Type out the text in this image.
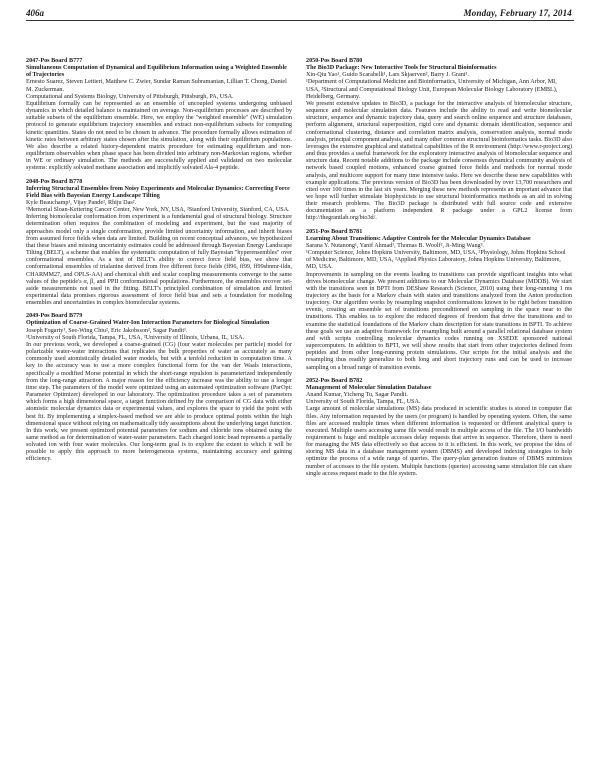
406a	Monday, February 17, 2014
2047-Pos Board B777
Simultaneous Computation of Dynamical and Equilibrium Information using a Weighted Ensemble of Trajectories
Ernesto Suarez, Steven Lettieri, Matthew C. Zwier, Sundar Raman Subramanian, Lillian T. Chong, Daniel M. Zuckerman.
Computational and Systems Biology, University of Pittsburgh, Pittsburgh, PA, USA.
Equilibrium formally can be represented as an ensemble of uncoupled systems undergoing unbiased dynamics in which detailed balance is maintained on average. Non-equilibrium processes are described by suitable subsets of the equilibrium ensemble. Here, we employ the "weighted ensemble" (WE) simulation protocol to generate equilibrium trajectory ensembles and extract non-equilibrium subsets for computing kinetic quantities. States do not need to be chosen in advance. The procedure formally allows estimation of kinetic rates between arbitrary states chosen after the simulation, along with their equilibrium populations. We also describe a related history-dependent matrix procedure for estimating equilibrium and non-equilibrium observables when phase space has been divided into arbitrary non-Markovian regions, whether in WE or ordinary simulation. The methods are successfully applied and validated on two molecular systems: explicitly solvated methane association and implicitly solvated Ala-4 peptide.
2048-Pos Board B778
Inferring Structural Ensembles from Noisy Experiments and Molecular Dynamics: Correcting Force Field Bias with Bayesian Energy Landscape Tilting
Kyle Beauchamp¹, Vijay Pande², Rhiju Das².
¹Memorial Sloan-Kettering Cancer Center, New York, NY, USA, ²Stanford University, Stanford, CA, USA.
Inferring biomolecular conformation from experiment is a fundamental goal of structural biology. Structure determination often requires the combination of modeling and experiment, but the vast majority of approaches model only a single conformation, provide limited uncertainty information, and inherit biases from assumed force fields when data are limited. Building on recent conceptual advances, we hypothesized that these biases and missing uncertainty estimates could be addressed through Bayesian Energy Landscape Tilting (BELT), a scheme that enables the systematic computation of fully Bayesian "hyperensembles" over conformational ensembles. As a test of BELT's ability to correct force field bias, we show that conformational ensembles of trialanine derived from five different force fields (ff96, ff99, ff99sbnmr-ildn, CHARMM27, and OPLS-AA) and chemical shift and scalar coupling measurements converge to the same values of the peptide's α, β, and PPII conformational populations. Furthermore, the ensembles recover set-aside measurements not used in the fitting. BELT's principled combination of simulation and limited experimental data promises rigorous assessment of force field bias and sets a foundation for modeling ensembles and uncertainties in complex biomolecular systems.
2049-Pos Board B779
Optimization of Coarse-Grained Water-Ion Interaction Parameters for Biological Simulation
Joseph Fogarty¹, See-Wing Chiu², Eric Jakobsson², Sagar Pandit¹.
¹University of South Florida, Tampa, FL, USA, ²University of Illinois, Urbana, IL, USA.
In our previous work, we developed a coarse-grained (CG) (four water molecules per particle) model for polarizable water-water interactions that replicates the bulk properties of water as accurately as many commonly used atomistically detailed water models, but with a tenfold reduction in computation time. A key to the accuracy was to use a more complex functional form for the van der Waals interactions, specifically a modified Morse potential in which the short-range repulsion is parameterized independently from the long-range attraction. A major reason for the efficiency increase was the ability to use a longer time step. The parameters of the model were optimized using an automated optimization software (ParOpt: Parameter Optimizer) developed in our laboratory. The optimization procedure takes a set of parameters which forms a high dimensional space, a target function defined by the comparison of CG data with either atomistic molecular dynamics data or experimental values, and explores the space to yield the point with best fit. By implementing a simplex-based method we are able to produce optimal points within the high dimensional space without relying on mathematically tidy assumptions about the underlying target function. In this work, we present optimized potential parameters for sodium and chloride ions obtained using the same method as for determination of water-water parameters. Each charged ionic bead represents a partially solvated ion with four water molecules. Our long-term goal is to explore the extent to which it will be possible to apply this approach to more heterogeneous systems, maintaining accuracy and gaining efficiency.
2050-Pos Board B780
The Bio3D Package: New Interactive Tools for Structural Bioinformatics
Xin-Qiu Yao¹, Guido Scarabelli¹, Lars Skjaerven², Barry J. Grant¹.
¹Department of Computational Medicine and Bioinformatics, University of Michigan, Ann Arbor, MI, USA, ²Structural and Computational Biology Unit, European Molecular Biology Laboratory (EMBL), Heidelberg, Germany.
We present extensive updates to Bio3D, a package for the interactive analysis of biomolecular structure, sequence and molecular simulation data. Features include the ability to read and write biomolecular structure, sequence and dynamic trajectory data, query and search online sequence and structure databases, perform alignment, structural superposition, rigid core and dynamic domain identification, sequence and conformational clustering, distance and correlation matrix analysis, conservation analysis, normal mode analysis, principal component analysis, and many other common structural bioinformatics tasks. Bio3D also leverages the extensive graphical and statistical capabilities of the R environment (http://www.r-project.org) and thus provides a useful framework for the exploratory interactive analysis of biomolecular sequence and structure data. Recent notable additions to the package include consensus dynamical community analysis of network based coupled motions, enhanced coarse grained force fields and methods for normal mode analysis, and multicore support for many time intensive tasks. Here we describe these new capabilities with example applications. The previous version of Bio3D has been downloaded by over 13,700 researchers and cited over 100 times in the last six years. Merging these new methods represents an important advance that we hope will further stimulate biophysicists to use structural bioinformatics methods as an aid in solving their research problems. The Bio3D package is distributed with full source code and extensive documentation as a platform independent R package under a GPL2 license from http://thegrantlab.org/bio3d/.
2051-Pos Board B781
Learning About Transitions: Adaptive Controls for the Molecular Dynamics Database
Sarana Y. Nutanong¹, Yanif Ahmad¹, Thomas B. Woolf², Ji-Ming Wang³.
¹Computer Science, Johns Hopkins University, Baltimore, MD, USA, ²Physiology, Johns Hopkins School of Medicine, Baltimore, MD, USA, ³Applied Physics Laboratory, Johns Hopkins University, Baltimore, MD, USA.
Improvements in sampling on the events leading to transitions can provide significant insights into what drives biomolecular change. We present additions to our Molecular Dynamics Database (MDDB). We start with the transitions seen in BPTI from DEShaw Research (Science, 2010) using their long-running 1 ms trajectory as the basis for a Markov chain with states and transitions analyzed from the Anton production trajectory. Our algorithm works by resampling snapshot conformations known to be right before transition events, creating an ensemble set of transitions preconditioned on sampling in the space near to the transitions. This enables us to explore the reduced degrees of freedom that drive the transitions and to examine the statistical foundations of the Markov chain description for state transitions in BPTI. To achieve these goals we use an adaptive framework for resampling built around a parallel relational database system and with scripts controlling molecular dynamics codes running on XSEDE sponsored national supercomputers. In addition to BPTI, we will show results that start from other trajectories defined from peptides and from other long-running protein simulations. Our scripts for the initial analysis and the resampling thus readily generalize to both long and short trajectory runs and can be used to increase sampling on a broad range of transition events.
2052-Pos Board B782
Management of Molecular Simulation Database
Anand Kumar, Yicheng Tu, Sagar Pandit.
University of South Florida, Tampa, FL, USA.
Large amount of molecular simulations (MS) data produced in scientific studies is stored in computer flat files. Any information requested by the users (or program) is handled by operating system. Often, the same files are accessed multiple times when different information is requested or different analytical query is executed. Multiple users accessing same file would result in multiple access of the file. The I/O bandwidth requirement is huge and multiple accesses delay requests that arrive in sequence. Therefore, there is need for managing the MS data effectively so that access to it is efficient. In this work, we propose the idea of storing MS data in a database management system (DBMS) and developed indexing strategies to help optimize the process of a wide range of queries. The query-plan generation feature of DBMS minimizes number of accesses to the file system. Multiple functions (queries) accessing same simulation file can share single access request made to the file system.
